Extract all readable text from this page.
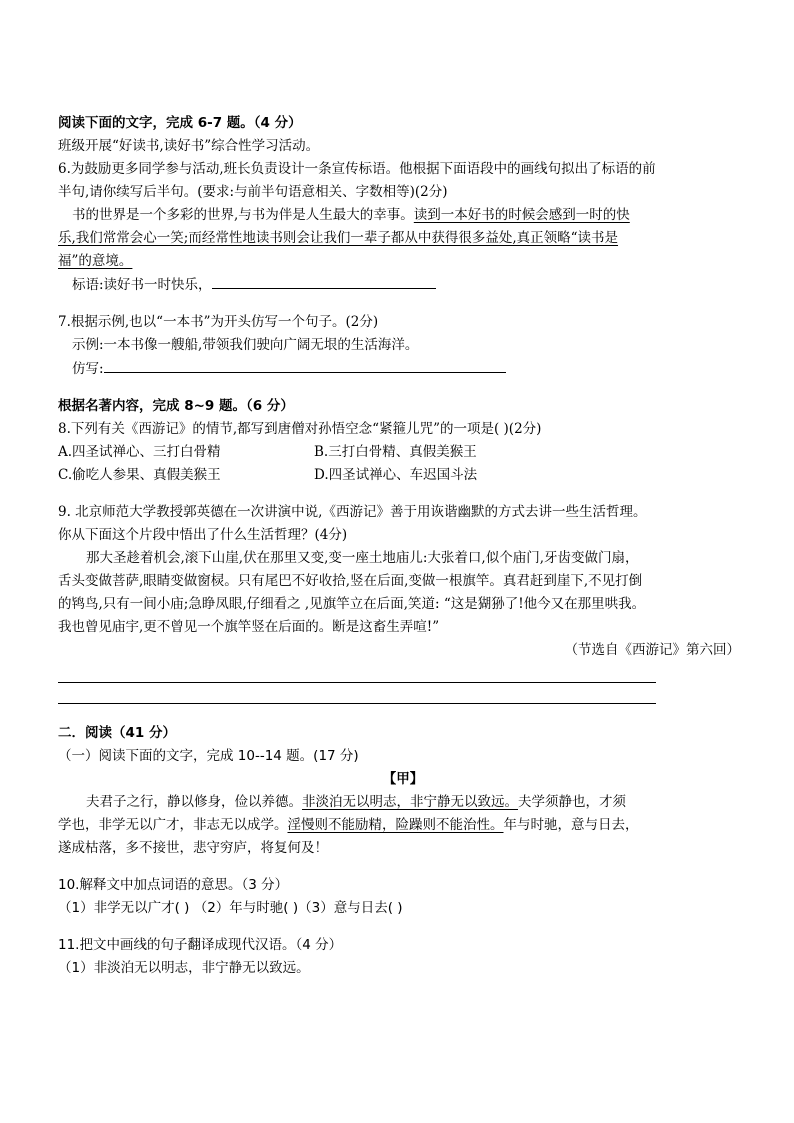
阅读下面的文字，完成 6-7 题。（4 分）
班级开展“好读书,读好书”综合性学习活动。
6.为鼓励更多同学参与活动,班长负责设计一条宣传标语。他根据下面语段中的画线句拟出了标语的前
半句,请你续写后半句。(要求:与前半句语意相关、字数相等)(2分)
书的世界是一个多彩的世界,与书为伴是人生最大的幸事。读到一本好书的时候会感到一时的快
乐,我们常常会心一笑;而经常性地读书则会让我们一辈子都从中获得很多益处,真正领略“读书是
福”的意境。
标语:读好书一时快乐，
7.根据示例,也以“一本书”为开头仿写一个句子。(2分)
示例:一本书像一艘船,带领我们驶向广阔无垠的生活海洋。
仿写:
根据名著内容，完成 8~9 题。（6 分）
8.下列有关《西游记》的情节,都写到唐僧对孙悟空念“紧箍儿咒”的一项是( )(2分)
A.四圣试禅心、三打白骨精	B.三打白骨精、真假美猴王
C.偷吃人参果、真假美猴王	D.四圣试禅心、车迟国斗法
9. 北京师范大学教授郭英德在一次讲演中说,《西游记》善于用诙谐幽默的方式去讲一些生活哲理。
你从下面这个片段中悟出了什么生活哲理？(4分)
那大圣趁着机会,滚下山崖,伏在那里又变,变一座土地庙儿:大张着口,似个庙门,牙齿变做门扇，
舌头变做菩萨,眼睛变做窗棂。只有尾巴不好收拾,竖在后面,变做一根旗竿。真君赶到崖下,不见打倒
的鸨鸟,只有一间小庙;急睁凤眼,仔细看之 ,见旗竿立在后面,笑道: “这是猢狲了!他今又在那里哄我。
我也曾见庙宇,更不曾见一个旗竿竖在后面的。断是这畜生弄喧!”
（节选自《西游记》第六回）
二．阅读（41 分）
（一）阅读下面的文字，完成 10--14 题。(17 分)
【甲】
夫君子之行，静以修身，俭以养德。非淡泊无以明志，非宁静无以致远。夫学须静也，才须
学也，非学无以广才，非志无以成学。淫慢则不能励精，险躁则不能治性。年与时驰，意与日去，
遂成枯落，多不接世，悲守穷庐，将复何及！
10.解释文中加点词语的意思。（3 分）
（1）非学无以广才( ) （2）年与时驰( )（3）意与日去( )
11.把文中画线的句子翻译成现代汉语。（4 分）
（1）非淡泊无以明志，非宁静无以致远。
